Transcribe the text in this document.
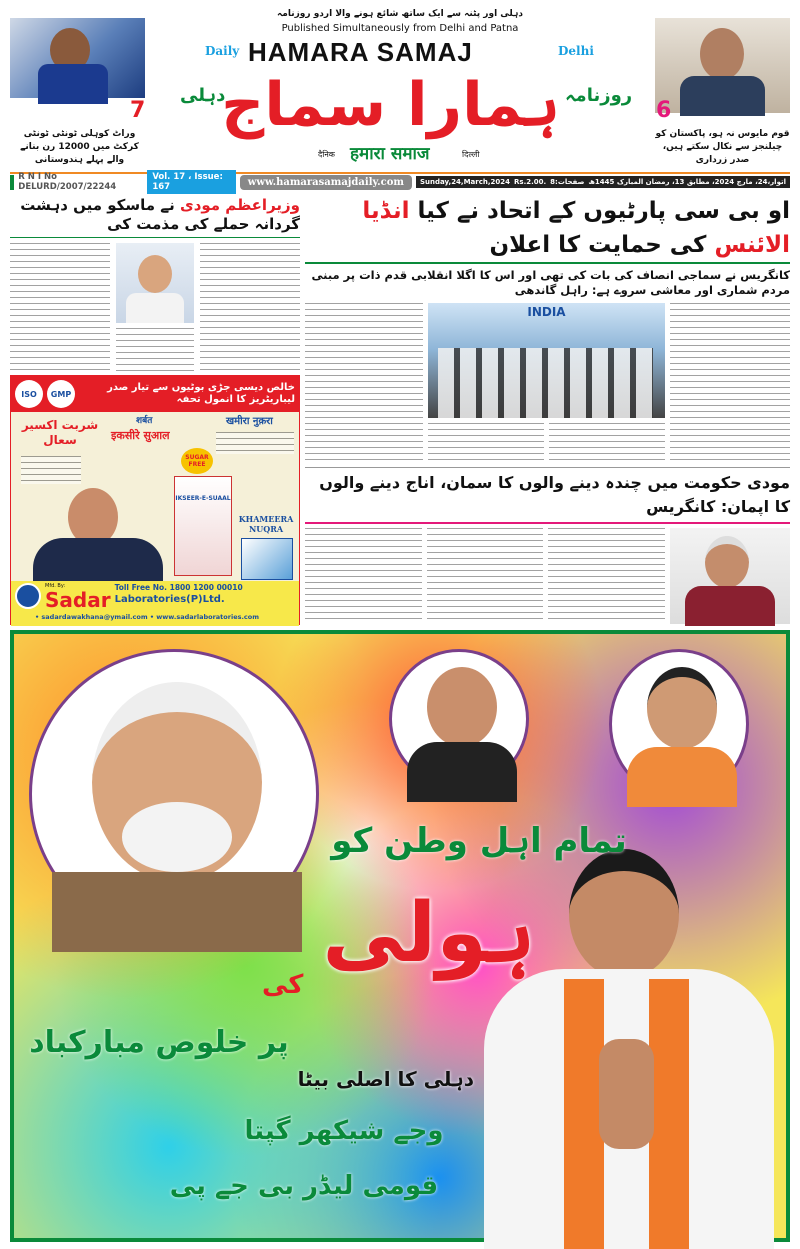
7
وراٹ کوہلی ٹونٹی ٹونٹی کرکٹ میں 12000 رن بنانے والے پہلے ہندوستانی
6
قوم مایوس نہ ہو، پاکستان کو چیلنجز سے نکال سکتے ہیں، صدر زرداری
دہلی اور پٹنہ سے ایک ساتھ شائع ہونے والا اردو روزنامہ
Published Simultaneously from Delhi and Patna
Daily HAMARA SAMAJ	Delhi
ہمارا سماج روزنامہ
دہلی
दैनिक हमारा समाज	दिल्ली
R N I No DELURD/2007/22244
Vol. 17 ، Issue: 167	www.hamarasamajdaily.com	Sunday,24,March,2024 Rs.2.00. صفحات:8 اتوار،24، مارچ 2024، مطابق 13، رمضان المبارک 1445ھ
وزیراعظم مودی نے ماسکو میں دہشت گردانہ حملے کی مذمت کی
ISO	GMP
خالص دیسی جڑی بوٹیوں سے تیار صدر لیباریٹریز کا انمول تحفہ
شربت اکسیر سعال
शर्बत
इकसीरे सुआल
खमीरा नुक़रा
SUGAR FREE
IKSEER-E-SUAAL
KHAMEERA NUQRA
Mfd. By:
Sadar
Toll Free No. 1800 1200 00010
Laboratories(P)Ltd.
• sadardawakhana@ymail.com • www.sadarlaboratories.com
او بی سی پارٹیوں کے اتحاد نے کیا انڈیا الائنس کی حمایت کا اعلان
کانگریس نے سماجی انصاف کی بات کی تھی اور اس کا اگلا انقلابی قدم ذات پر مبنی مردم شماری اور معاشی سروے ہے: راہل گاندھی
INDIA
مودی حکومت میں چندہ دینے والوں کا سمان، اناج دینے والوں کا اپمان: کانگریس
تمام اہل وطن کو
ہولی
کی
پر خلوص مبارکباد
دہلی کا اصلی بیٹا
وجے شیکھر گپتا
قومی لیڈر بی جے پی
